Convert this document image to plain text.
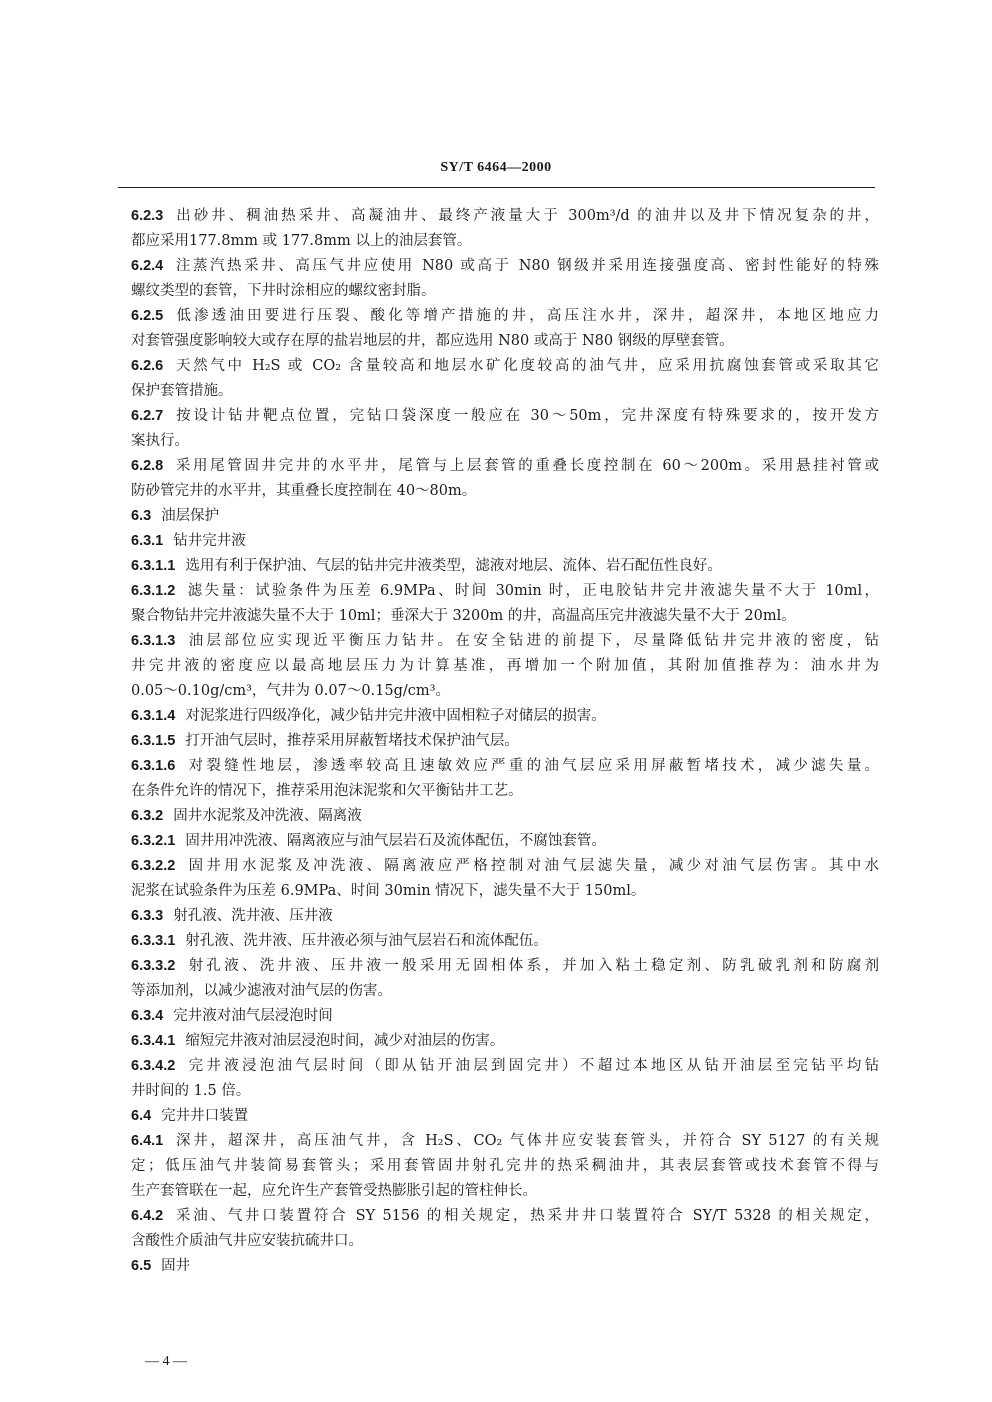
SY/T 6464—2000
6.2.3 出砂井、稠油热采井、高凝油井、最终产液量大于 300m³/d 的油井以及井下情况复杂的井，
都应采用177.8mm 或 177.8mm 以上的油层套管。
6.2.4 注蒸汽热采井、高压气井应使用 N80 或高于 N80 钢级并采用连接强度高、密封性能好的特殊
螺纹类型的套管，下井时涂相应的螺纹密封脂。
6.2.5 低渗透油田要进行压裂、酸化等增产措施的井，高压注水井，深井，超深井，本地区地应力
对套管强度影响较大或存在厚的盐岩地层的井，都应选用 N80 或高于 N80 钢级的厚壁套管。
6.2.6 天然气中 H₂S 或 CO₂ 含量较高和地层水矿化度较高的油气井，应采用抗腐蚀套管或采取其它
保护套管措施。
6.2.7 按设计钻井靶点位置，完钻口袋深度一般应在 30～50m，完井深度有特殊要求的，按开发方
案执行。
6.2.8 采用尾管固井完井的水平井，尾管与上层套管的重叠长度控制在 60～200m。采用悬挂衬管或
防砂管完井的水平井，其重叠长度控制在 40～80m。
6.3 油层保护
6.3.1 钻井完井液
6.3.1.1 选用有利于保护油、气层的钻井完井液类型，滤液对地层、流体、岩石配伍性良好。
6.3.1.2 滤失量：试验条件为压差 6.9MPa、时间 30min 时，正电胶钻井完井液滤失量不大于 10ml，
聚合物钻井完井液滤失量不大于 10ml；垂深大于 3200m 的井，高温高压完井液滤失量不大于 20ml。
6.3.1.3 油层部位应实现近平衡压力钻井。在安全钻进的前提下，尽量降低钻井完井液的密度，钻
井完井液的密度应以最高地层压力为计算基准，再增加一个附加值，其附加值推荐为：油水井为
0.05～0.10g/cm³，气井为 0.07～0.15g/cm³。
6.3.1.4 对泥浆进行四级净化，减少钻井完井液中固相粒子对储层的损害。
6.3.1.5 打开油气层时，推荐采用屏蔽暂堵技术保护油气层。
6.3.1.6 对裂缝性地层，渗透率较高且速敏效应严重的油气层应采用屏蔽暂堵技术，减少滤失量。
在条件允许的情况下，推荐采用泡沫泥浆和欠平衡钻井工艺。
6.3.2 固井水泥浆及冲洗液、隔离液
6.3.2.1 固井用冲洗液、隔离液应与油气层岩石及流体配伍，不腐蚀套管。
6.3.2.2 固井用水泥浆及冲洗液、隔离液应严格控制对油气层滤失量，减少对油气层伤害。其中水
泥浆在试验条件为压差 6.9MPa、时间 30min 情况下，滤失量不大于 150ml。
6.3.3 射孔液、洗井液、压井液
6.3.3.1 射孔液、洗井液、压井液必须与油气层岩石和流体配伍。
6.3.3.2 射孔液、洗井液、压井液一般采用无固相体系，并加入粘土稳定剂、防乳破乳剂和防腐剂
等添加剂，以减少滤液对油气层的伤害。
6.3.4 完井液对油气层浸泡时间
6.3.4.1 缩短完井液对油层浸泡时间，减少对油层的伤害。
6.3.4.2 完井液浸泡油气层时间（即从钻开油层到固完井）不超过本地区从钻开油层至完钻平均钻
井时间的 1.5 倍。
6.4 完井井口装置
6.4.1 深井，超深井，高压油气井，含 H₂S、CO₂ 气体井应安装套管头，并符合 SY 5127 的有关规
定；低压油气井装简易套管头；采用套管固井射孔完井的热采稠油井，其表层套管或技术套管不得与
生产套管联在一起，应允许生产套管受热膨胀引起的管柱伸长。
6.4.2 采油、气井口装置符合 SY 5156 的相关规定，热采井井口装置符合 SY/T 5328 的相关规定，
含酸性介质油气井应安装抗硫井口。
6.5 固井
— 4 —
